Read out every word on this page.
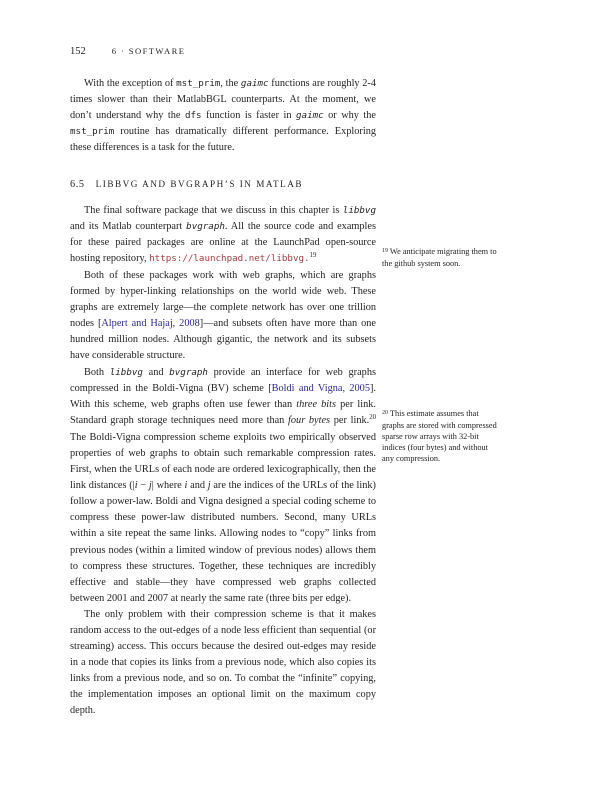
152	6 · SOFTWARE

With the exception of mst_prim, the gaimc functions are roughly 2-4 times slower than their MatlabBGL counterparts. At the moment, we don’t understand why the dfs function is faster in gaimc or why the mst_prim routine has dramatically different performance. Exploring these differences is a task for the future.

6.5 LIBBVG AND BVGRAPH’S IN MATLAB

The final software package that we discuss in this chapter is libbvg and its Matlab counterpart bvgraph. All the source code and examples for these paired packages are online at the LaunchPad open-source hosting repository, https://launchpad.net/libbvg.$^{19}$

Both of these packages work with web graphs, which are graphs formed by hyper-linking relationships on the world wide web. These graphs are extremely large—the complete network has over one trillion nodes [Alpert and Hajaj, 2008]—and subsets often have more than one hundred million nodes. Although gigantic, the network and its subsets have considerable structure.

Both libbvg and bvgraph provide an interface for web graphs compressed in the Boldi-Vigna (BV) scheme [Boldi and Vigna, 2005]. With this scheme, web graphs often use fewer than three bits per link. Standard graph storage techniques need more than four bytes per link.$^{20}$ The Boldi-Vigna compression scheme exploits two empirically observed properties of web graphs to obtain such remarkable compression rates. First, when the URLs of each node are ordered lexicographically, then the link distances (|i − j| where i and j are the indices of the URLs of the link) follow a power-law. Boldi and Vigna designed a special coding scheme to compress these power-law distributed numbers. Second, many URLs within a site repeat the same links. Allowing nodes to “copy” links from previous nodes (within a limited window of previous nodes) allows them to compress these structures. Together, these techniques are incredibly effective and stable—they have compressed web graphs collected between 2001 and 2007 at nearly the same rate (three bits per edge).

The only problem with their compression scheme is that it makes random access to the out-edges of a node less efficient than sequential (or streaming) access. This occurs because the desired out-edges may reside in a node that copies its links from a previous node, which also copies its links from a previous node, and so on. To combat the “infinite” copying, the implementation imposes an optional limit on the maximum copy depth.

$^{19}$ We anticipate migrating them to the github system soon.
$^{20}$ This estimate assumes that graphs are stored with compressed sparse row arrays with 32-bit indices (four bytes) and without any compression.
